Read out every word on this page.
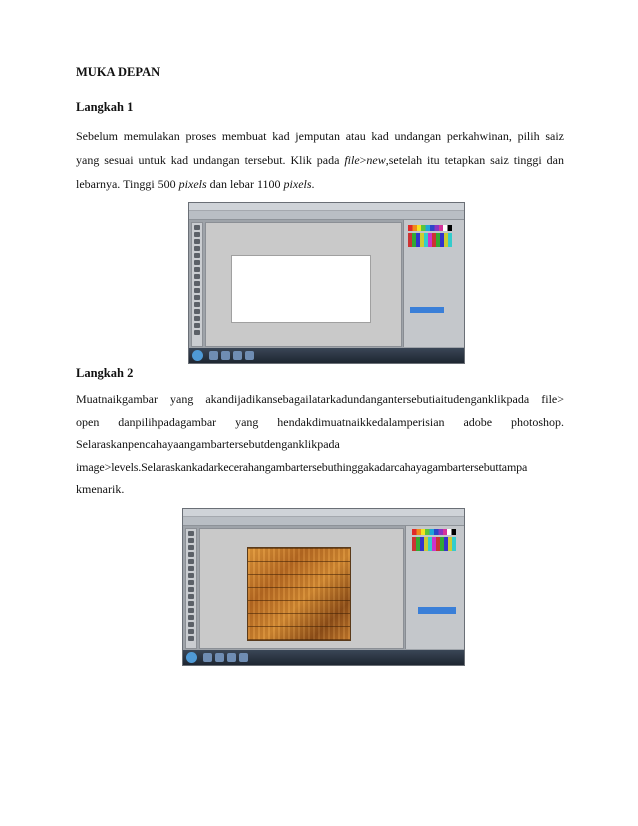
MUKA DEPAN
Langkah 1
Sebelum memulakan proses membuat kad jemputan atau kad undangan perkahwinan, pilih saiz
yang sesuai untuk kad undangan tersebut. Klik pada file>new,setelah itu tetapkan saiz tinggi dan
lebarnya. Tinggi 500 pixels dan lebar 1100 pixels.
Langkah 2
Muatnaikgambar yang akandijadikansebagailatarkadundangantersebutiaitudenganklikpada file>
open danpilihpadagambar yang hendakdimuatnaikkedalamperisian adobe photoshop.
Selaraskanpencahayaangambartersebutdenganklikpada
image>levels.Selaraskankadarkecerahangambartersebuthinggakadarcahayagambartersebuttampa
kmenarik.
